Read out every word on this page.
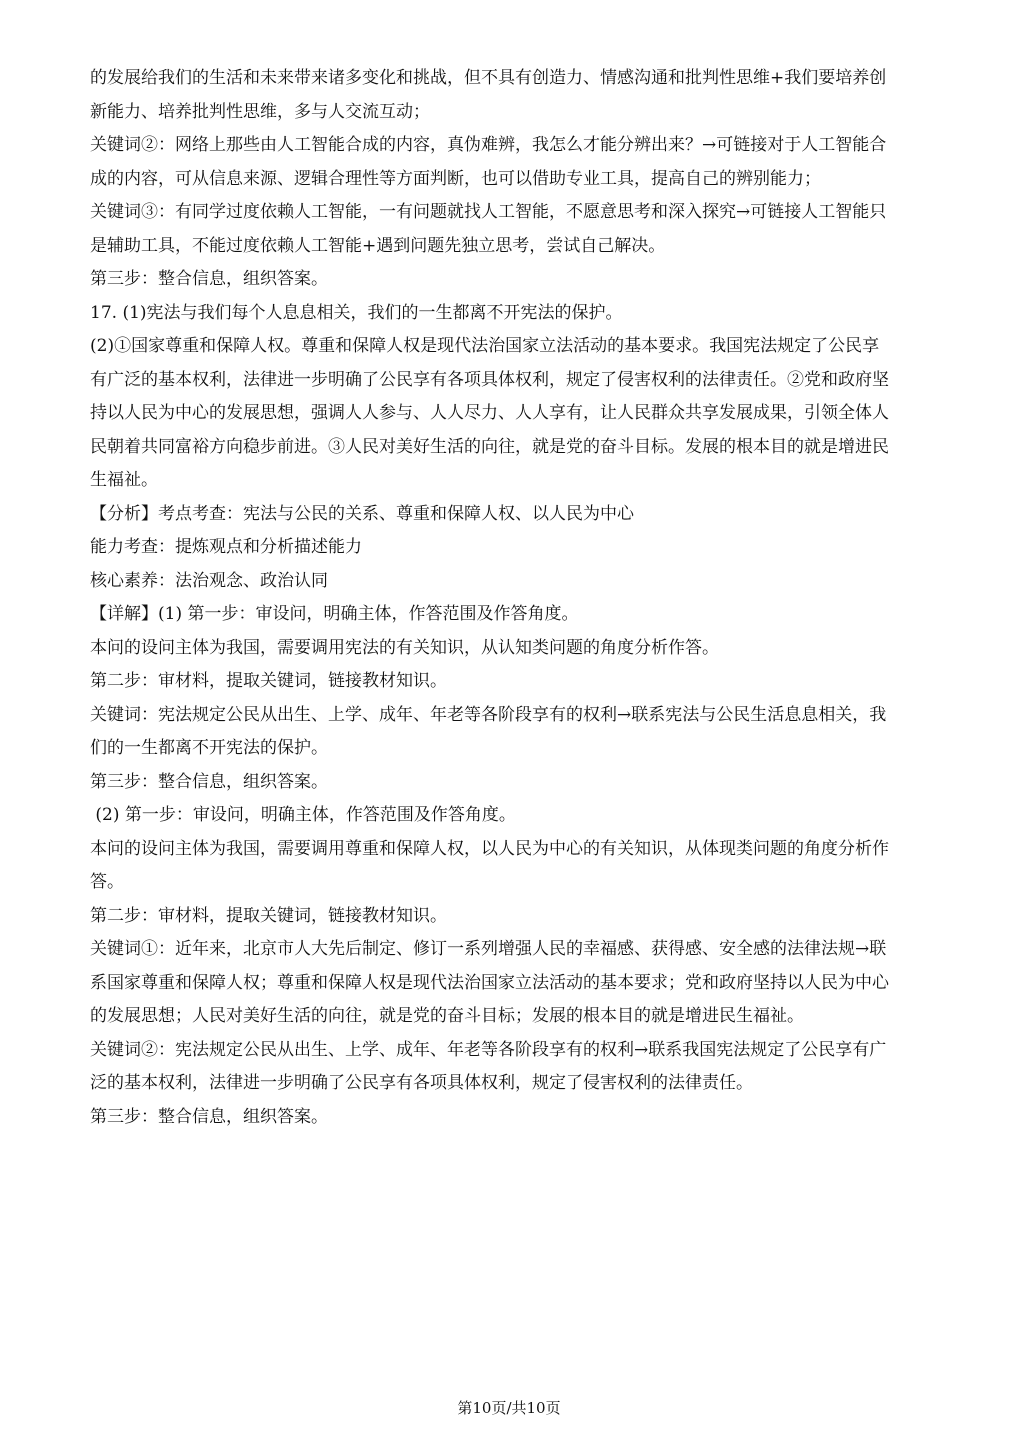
的发展给我们的生活和未来带来诸多变化和挑战，但不具有创造力、情感沟通和批判性思维+我们要培养创
新能力、培养批判性思维，多与人交流互动；
关键词②：网络上那些由人工智能合成的内容，真伪难辨，我怎么才能分辨出来？→可链接对于人工智能合
成的内容，可从信息来源、逻辑合理性等方面判断，也可以借助专业工具，提高自己的辨别能力；
关键词③：有同学过度依赖人工智能，一有问题就找人工智能，不愿意思考和深入探究→可链接人工智能只
是辅助工具，不能过度依赖人工智能+遇到问题先独立思考，尝试自己解决。
第三步：整合信息，组织答案。
17. (1)宪法与我们每个人息息相关，我们的一生都离不开宪法的保护。
(2)①国家尊重和保障人权。尊重和保障人权是现代法治国家立法活动的基本要求。我国宪法规定了公民享
有广泛的基本权利，法律进一步明确了公民享有各项具体权利，规定了侵害权利的法律责任。②党和政府坚
持以人民为中心的发展思想，强调人人参与、人人尽力、人人享有，让人民群众共享发展成果，引领全体人
民朝着共同富裕方向稳步前进。③人民对美好生活的向往，就是党的奋斗目标。发展的根本目的就是增进民
生福祉。
【分析】考点考查：宪法与公民的关系、尊重和保障人权、以人民为中心
能力考查：提炼观点和分析描述能力
核心素养：法治观念、政治认同
【详解】(1) 第一步：审设问，明确主体，作答范围及作答角度。
本问的设问主体为我国，需要调用宪法的有关知识，从认知类问题的角度分析作答。
第二步：审材料，提取关键词，链接教材知识。
关键词：宪法规定公民从出生、上学、成年、年老等各阶段享有的权利→联系宪法与公民生活息息相关，我
们的一生都离不开宪法的保护。
第三步：整合信息，组织答案。
(2) 第一步：审设问，明确主体，作答范围及作答角度。
本问的设问主体为我国，需要调用尊重和保障人权，以人民为中心的有关知识，从体现类问题的角度分析作
答。
第二步：审材料，提取关键词，链接教材知识。
关键词①：近年来，北京市人大先后制定、修订一系列增强人民的幸福感、获得感、安全感的法律法规→联
系国家尊重和保障人权；尊重和保障人权是现代法治国家立法活动的基本要求；党和政府坚持以人民为中心
的发展思想；人民对美好生活的向往，就是党的奋斗目标；发展的根本目的就是增进民生福祉。
关键词②：宪法规定公民从出生、上学、成年、年老等各阶段享有的权利→联系我国宪法规定了公民享有广
泛的基本权利，法律进一步明确了公民享有各项具体权利，规定了侵害权利的法律责任。
第三步：整合信息，组织答案。
第10页/共10页
